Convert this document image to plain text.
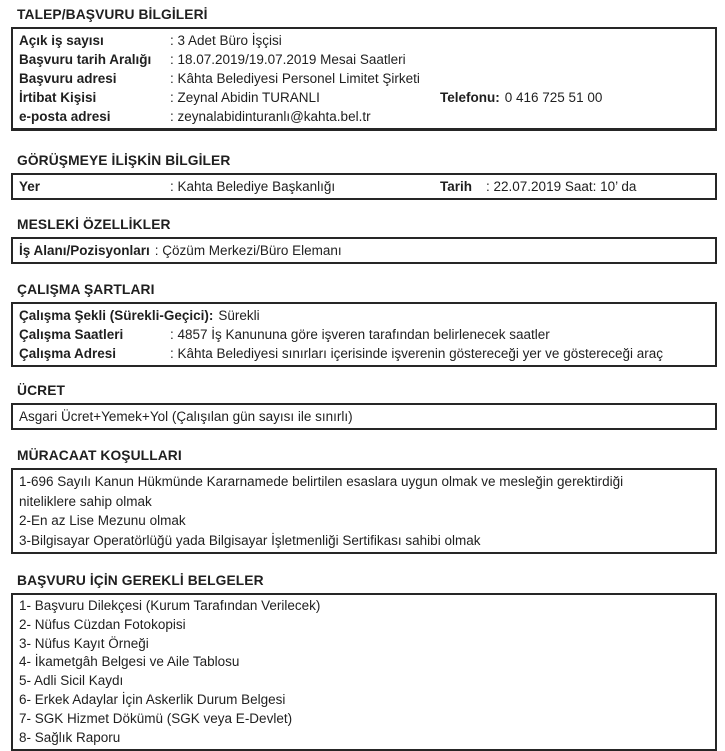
TALEP/BAŞVURU BİLGİLERİ
Açık iş sayısı	: 3 Adet Büro İşçisi
Başvuru tarih Aralığı : 18.07.2019/19.07.2019 Mesai Saatleri
Başvuru adresi	: Kâhta Belediyesi Personel Limitet Şirketi
İrtibat Kişisi	: Zeynal Abidin TURANLI	Telefonu: 0 416 725 51 00
e-posta adresi	: zeynalabidinturanlı@kahta.bel.tr
GÖRÜŞMEYE İLİŞKİN BİLGİLER
Yer	: Kahta Belediye Başkanlığı	Tarih : 22.07.2019 Saat: 10’ da
MESLEKİ ÖZELLİKLER
İş Alanı/Pozisyonları : Çözüm Merkezi/Büro Elemanı
ÇALIŞMA ŞARTLARI
Çalışma Şekli (Sürekli-Geçici): Sürekli
Çalışma Saatleri	: 4857 İş Kanununa göre işveren tarafından belirlenecek saatler
Çalışma Adresi	: Kâhta Belediyesi sınırları içerisinde işverenin göstereceği yer ve göstereceği araç
ÜCRET
Asgari Ücret+Yemek+Yol (Çalışılan gün sayısı ile sınırlı)
MÜRACAAT KOŞULLARI
1-696 Sayılı Kanun Hükmünde Kararnamede belirtilen esaslara uygun olmak ve mesleğin gerektirdiği niteliklere sahip olmak
2-En az Lise Mezunu olmak
3-Bilgisayar Operatörlüğü yada Bilgisayar İşletmenliği Sertifikası sahibi olmak
BAŞVURU İÇİN GEREKLİ BELGELER
1- Başvuru Dilekçesi (Kurum Tarafından Verilecek)
2- Nüfus Cüzdan Fotokopisi
3- Nüfus Kayıt Örneği
4- İkametgâh Belgesi ve Aile Tablosu
5- Adli Sicil Kaydı
6- Erkek Adaylar İçin Askerlik Durum Belgesi
7- SGK Hizmet Dökümü (SGK veya E-Devlet)
8- Sağlık Raporu
